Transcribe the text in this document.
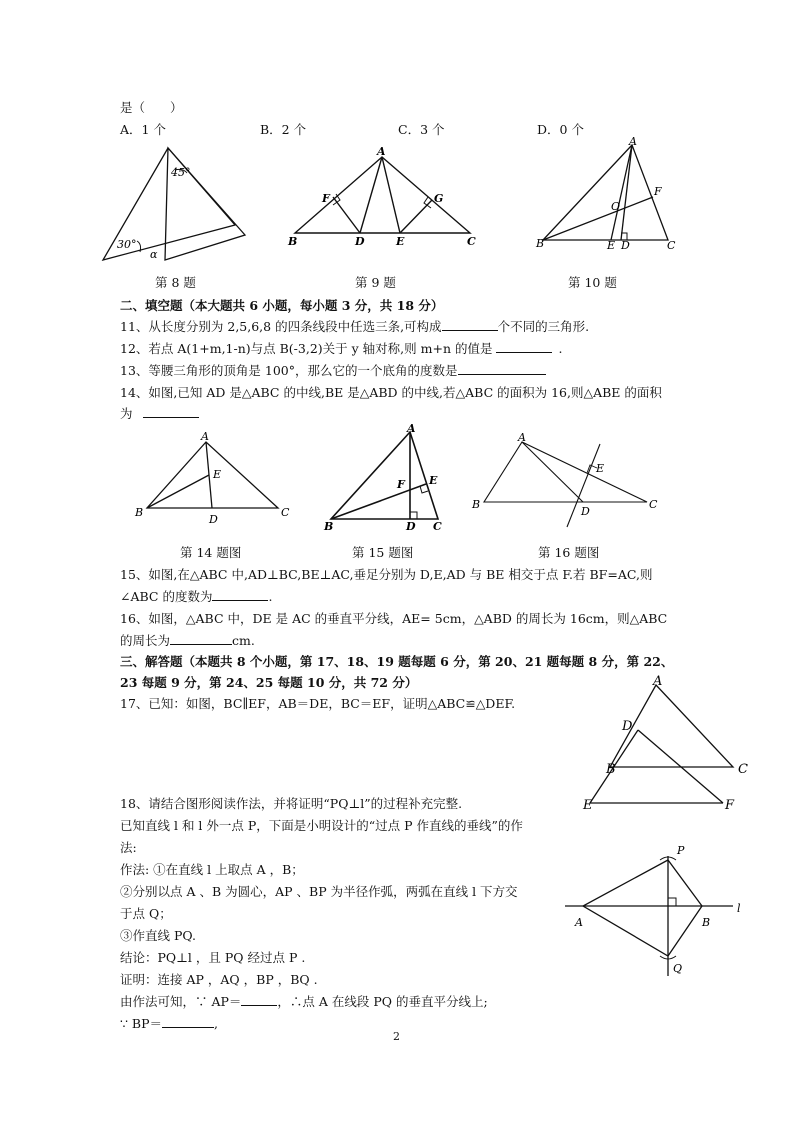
是（　　）
A．1 个	B．2 个	C．3 个	D．0 个
45°
30°
α
A
B	C
D	E
F	G
A
B	C
D
E
F
O
第 8 题	第 9 题	第 10 题
二、填空题（本大题共 6 小题，每小题 3 分，共 18 分）
11、从长度分别为 2,5,6,8 的四条线段中任选三条,可构成	个不同的三角形.
12、若点 A(1+m,1-n)与点 B(-3,2)关于 y 轴对称,则 m+n 的值是	.
13、等腰三角形的顶角是 100°，那么它的一个底角的度数是
14、如图,已知 AD 是△ABC 的中线,BE 是△ABD 的中线,若△ABC 的面积为 16,则△ABE 的面积
为
A
B	C
D
E
A
B	C
D
E
F
A
B	C
D
E
第 14 题图	第 15 题图	第 16 题图
15、如图,在△ABC 中,AD⊥BC,BE⊥AC,垂足分别为 D,E,AD 与 BE 相交于点 F.若 BF=AC,则
∠ABC 的度数为	.
16、如图，△ABC 中，DE 是 AC 的垂直平分线，AE= 5cm，△ABD 的周长为 16cm，则△ABC
的周长为	cm.
三、解答题（本题共 8 个小题，第 17、18、19 题每题 6 分，第 20、21 题每题 8 分，第 22、
23 每题 9 分，第 24、25 每题 10 分，共 72 分）
17、已知：如图，BC∥EF，AB＝DE，BC＝EF，证明△ABC≌△DEF.
A
B	C
D
E	F
18、请结合图形阅读作法，并将证明“PQ⊥l”的过程补充完整.
已知直线 l 和 l 外一点 P，下面是小明设计的“过点 P 作直线的垂线”的作
法:
作法: ①在直线 l 上取点 A ，B；
②分别以点 A 、B 为圆心，AP 、BP 为半径作弧，两弧在直线 l 下方交
于点 Q；
③作直线 PQ.
结论：PQ⊥l ，且 PQ 经过点 P .
证明：连接 AP ，AQ ，BP ，BQ .
由作法可知，∵ AP＝	，∴点 A 在线段 PQ 的垂直平分线上;
∵ BP＝	,
P
Q
A	B
l
2
